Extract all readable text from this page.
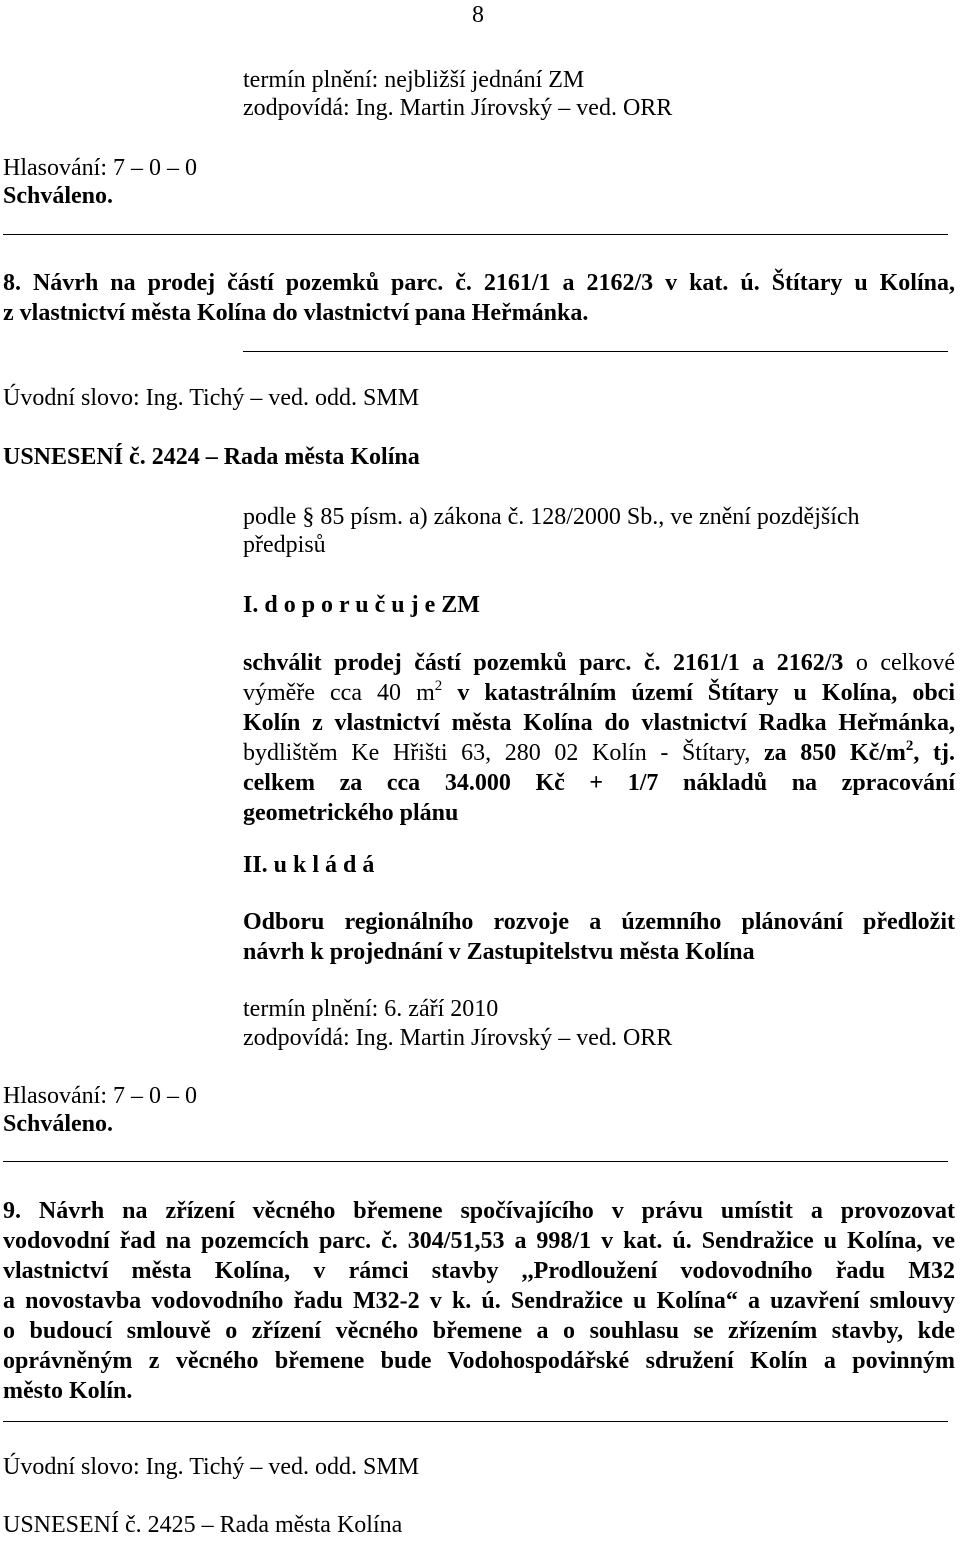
8
termín plnění: nejbližší jednání ZM
zodpovídá: Ing. Martin Jírovský – ved. ORR
Hlasování: 7 – 0 – 0
Schváleno.
8. Návrh na prodej částí pozemků parc. č. 2161/1 a 2162/3 v kat. ú. Štítary u Kolína,
z vlastnictví města Kolína do vlastnictví pana Heřmánka.
Úvodní slovo: Ing. Tichý – ved. odd. SMM
USNESENÍ č. 2424 – Rada města Kolína
podle § 85 písm. a) zákona č. 128/2000 Sb., ve znění pozdějších
předpisů
I. d o p o r u č u j e ZM
schválit prodej částí pozemků parc. č. 2161/1 a 2162/3 o celkové
výměře cca 40 $m^2$ v katastrálním území Štítary u Kolína, obci
Kolín z vlastnictví města Kolína do vlastnictví Radka Heřmánka,
bydlištěm Ke Hřišti 63, 280 02 Kolín - Štítary, za 850 $Kč/m^2$, tj.
celkem za cca 34.000 Kč + 1/7 nákladů na zpracování
geometrického plánu
II. u k l á d á
Odboru regionálního rozvoje a územního plánování předložit
návrh k projednání v Zastupitelstvu města Kolína
termín plnění: 6. září 2010
zodpovídá: Ing. Martin Jírovský – ved. ORR
Hlasování: 7 – 0 – 0
Schváleno.
9. Návrh na zřízení věcného břemene spočívajícího v právu umístit a provozovat
vodovodní řad na pozemcích parc. č. 304/51,53 a 998/1 v kat. ú. Sendražice u Kolína, ve
vlastnictví města Kolína, v rámci stavby ,,Prodloužení vodovodního řadu M32
a novostavba vodovodního řadu M32-2 v k. ú. Sendražice u Kolína“ a uzavření smlouvy
o budoucí smlouvě o zřízení věcného břemene a o souhlasu se zřízením stavby, kde
oprávněným z věcného břemene bude Vodohospodářské sdružení Kolín a povinným
město Kolín.
Úvodní slovo: Ing. Tichý – ved. odd. SMM
USNESENÍ č. 2425 – Rada města Kolína
